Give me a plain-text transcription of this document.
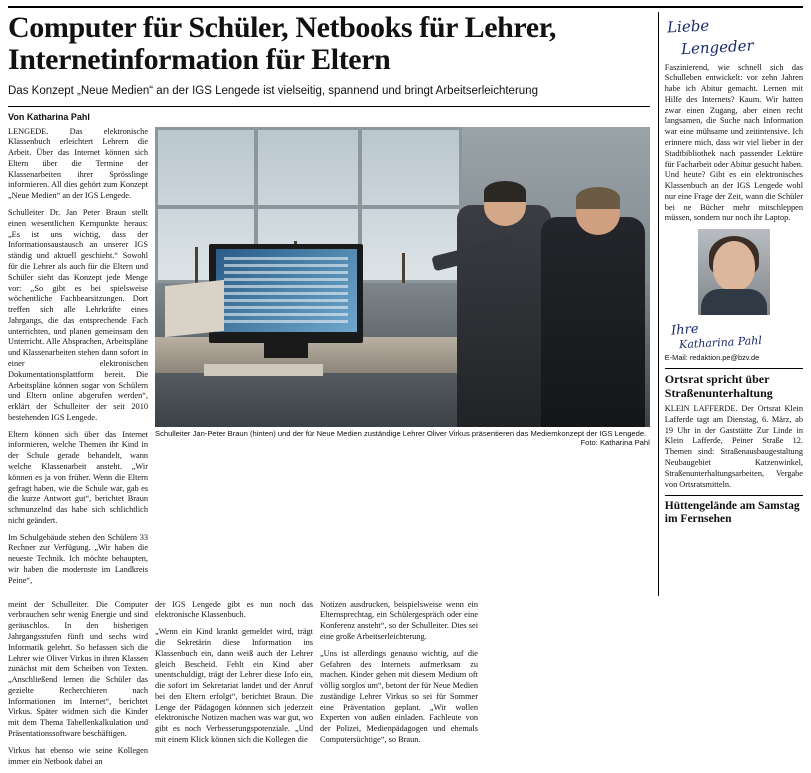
Computer für Schüler, Netbooks für Lehrer, Internetinformation für Eltern
Das Konzept „Neue Medien“ an der IGS Lengede ist vielseitig, spannend und bringt Arbeitserleichterung
Von Katharina Pahl

LENGEDE. Das elektronische Klassenbuch erleichtert Lehrern die Arbeit. Über das Internet können sich Eltern über die Termine der Klassenarbeiten ihrer Sprösslinge informieren. All dies gehört zum Konzept „Neue Medien“ an der IGS Lengede.

Schulleiter Dr. Jan Peter Braun stellt einen wesentlichen Kernpunkte heraus: „Es ist uns wichtig, dass der Informationsaustausch an unserer IGS ständig und aktuell geschieht.“ Sowohl für die Lehrer als auch für die Eltern und Schüler sieht das Konzept jede Menge vor: „So gibt es bei spielsweise wöchentliche Fachbearsitzungen. Dort treffen sich alle Lehrkräfte eines Jahrgangs, die das entsprechende Fach unterrichten, und planen gemeinsam den Unterricht. Alle Absprachen, Arbeitspläne und Klassenarbeiten stehen dann sofort in einer elektronischen Dokumentationsplattform bereit. Die Arbeitspläne können sogar von Schülern und Eltern online abgerufen werden“, erklärt der Schulleiter der seit 2010 bestehenden IGS Lengede.

Eltern können sich über das Internet informieren, welche Themen ihr Kind in der Schule gerade behandelt, wann welche Klassenarbeit ansteht. „Wir können es ja von früher. Wenn die Eltern gefragt haben, wie die Schule war, gab es die kurze Antwort gut“, berichtet Braun schmunzelnd das habe sich schlichtlich nicht geändert.

Im Schulgebäude stehen den Schülern 33 Rechner zur Verfügung. „Wir haben die neueste Technik. Ich möchte behaupten, wir haben die modernste im Landkreis Peine“,

Schulleiter Jan-Peter Braun (hinten) und der für Neue Medien zuständige Lehrer Oliver Virkus präsentieren das Mediemkonzept der IGS Lengede.
Foto: Katharina Pahl

meint der Schulleiter. Die Computer verbrauchen sehr wenig Energie und sind geräuschlos. In den bisherigen Jahrgangsstufen fünft und sechs wird Informatik gelehrt. So befassen sich die Lehrer wie Oliver Virkus in ihren Klassen zunächst mit dem Scheiben von Texten. „Anschließend lernen die Schüler das gezielte Recherchieren nach Informationen im Internet“, berichtet Virkus. Später widmen sich die Kinder mit dem Thema Tabellenkalkulation und Präsentationssoftware beschäftigen.

Virkus hat ebenso wie seine Kollegen immer ein Netbook dabei an

der IGS Lengede gibt es nun noch das elektronische Klassenbuch.

„Wenn ein Kind krankt gemeldet wird, trägt die Sekretärin diese Information ins Klassenbuch ein, dann weiß auch der Lehrer gleich Bescheid. Fehlt ein Kind aber unentschuldigt, trägt der Lehrer diese Info ein, die sofort im Sekretariat landet und der Anruf bei den Eltern erfolgt“, berichtet Braun. Die Lenge der Pädagogen könnnen sich jederzeit elektronische Notizen machen was war gut, wo gibt es noch Verbesserungspotenziale. „Und mit einem Klick können sich die Kollegen die

Notizen ausdrucken, beispielsweise wenn ein Elternsprechtag, ein Schülergespräch oder eine Konferenz ansteht“, so der Schulleiter. Dies sei eine große Arbeitserleichterung.

„Uns ist allerdings genauso wichtig, auf die Gefahren des Internets aufmerksam zu machen. Kinder gehen mit diesem Medium oft völlig sorglos um“, betont der für Neue Medien zuständige Lehrer Virkus so sei für Sommer eine Präventation geplant. „Wir wollen Experten von außen einladen. Fachleute von der Polizei, Medienpädagogen und ehemals Computersüchtige“, so Braun.

Liebe
Lengeder

Faszinierend, wie schnell sich das Schulleben entwickelt: vor zehn Jahren habe ich Abitur gemacht. Lernen mit Hilfe des Internets? Kaum. Wir hatten zwar einen Zugang, aber einen recht langsamen, die Suche nach Information war eine mühsame und zeitintensive. Ich erinnere mich, dass wir viel lieber in der Stadtbibliothek nach passender Lektüre für Facharbeit oder Abitur gesucht haben. Und heute? Gibt es ein elektronisches Klassenbuch an der IGS Lengede wohl nur eine Frage der Zeit, wann die Schüler bei ne Bücher mehr mitschleppen müssen, sondern nur noch ihr Laptop.

Ihre
Katharina Pahl
E-Mail: redaktion.pe@bzv.de
Ortsrat spricht über Straßenunterhaltung

KLEIN LAFFERDE. Der Ortsrat Klein Lafferde tagt am Dienstag, 6. März, ab 19 Uhr in der Gaststätte Zur Linde in Klein Lafferde, Peiner Straße 12. Themen sind: Straßenausbaugestaltung Neubaugebiet Katzenwinkel, Straßenunterhaltungsarbeiten, Vergabe von Ortsratsmitteln.

Hüttengelände am Samstag im Fernsehen
